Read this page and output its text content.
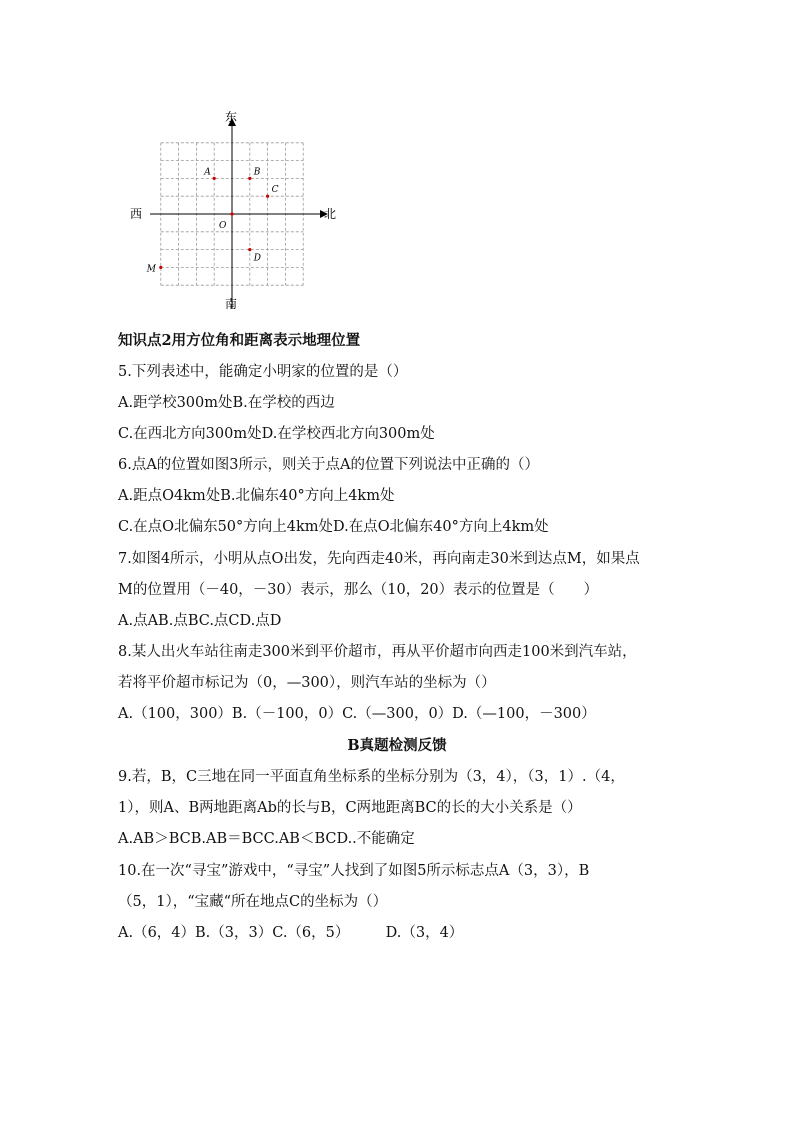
东
西	北
南
A	B
C
O
D
M
知识点2用方位角和距离表示地理位置
5.下列表述中，能确定小明家的位置的是（）
A.距学校300m处B.在学校的西边
C.在西北方向300m处D.在学校西北方向300m处
6.点A的位置如图3所示，则关于点A的位置下列说法中正确的（）
A.距点O4km处B.北偏东40°方向上4km处
C.在点O北偏东50°方向上4km处D.在点O北偏东40°方向上4km处
7.如图4所示，小明从点O出发，先向西走40米，再向南走30米到达点M，如果点
M的位置用（－40，－30）表示，那么（10，20）表示的位置是（　　）
A.点AB.点BC.点CD.点D
8.某人出火车站往南走300米到平价超市，再从平价超市向西走100米到汽车站，
若将平价超市标记为（0，—300），则汽车站的坐标为（）
A.（100，300）B.（－100，0）C.（—300，0）D.（—100，－300）
B真题检测反馈
9.若，B，C三地在同一平面直角坐标系的坐标分别为（3，4），（3，1）.（4，
1），则A、B两地距离Ab的长与B，C两地距离BC的长的大小关系是（）
A.AB＞BCB.AB＝BCC.AB＜BCD..不能确定
10.在一次“寻宝”游戏中，“寻宝”人找到了如图5所示标志点A（3，3），B
（5，1），“宝藏“所在地点C的坐标为（）
A.（6，4）B.（3，3）C.（6，5）　　　D.（3，4）
